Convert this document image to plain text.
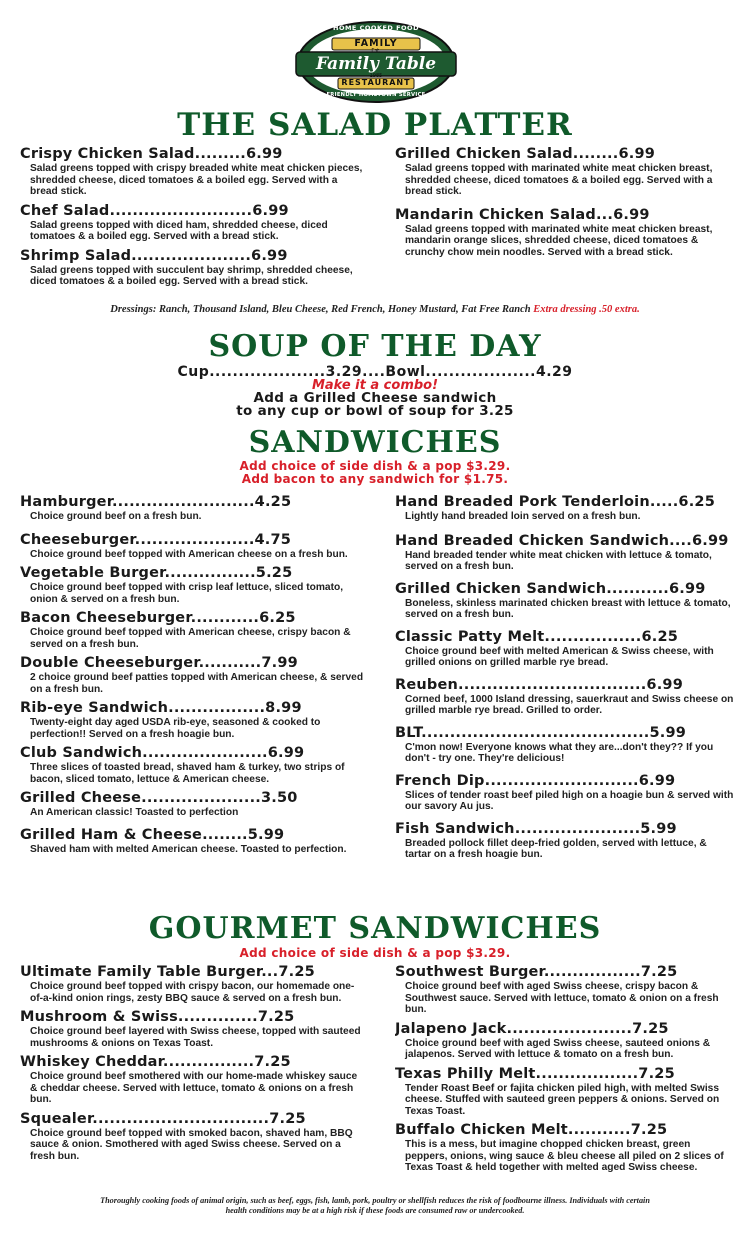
HOME COOKED FOOD
FAMILY
Est.
Family Table
1985
RESTAURANT
FRIENDLY HOMETOWN SERVICE
THE SALAD PLATTER
Crispy Chicken Salad.........6.99
Salad greens topped with crispy breaded white meat chicken pieces, shredded cheese, diced tomatoes & a boiled egg. Served with a bread stick.
Chef Salad.........................6.99
Salad greens topped with diced ham, shredded cheese, diced tomatoes & a boiled egg. Served with a bread stick.
Shrimp Salad.....................6.99
Salad greens topped with succulent bay shrimp, shredded cheese, diced tomatoes & a boiled egg. Served with a bread stick.
Grilled Chicken Salad........6.99
Salad greens topped with marinated white meat chicken breast, shredded cheese, diced tomatoes & a boiled egg. Served with a bread stick.
Mandarin Chicken Salad...6.99
Salad greens topped with marinated white meat chicken breast, mandarin orange slices, shredded cheese, diced tomatoes & crunchy chow mein noodles. Served with a bread stick.
Dressings: Ranch, Thousand Island, Bleu Cheese, Red French, Honey Mustard, Fat Free Ranch Extra dressing .50 extra.
SOUP OF THE DAY
Cup....................3.29....Bowl...................4.29
Make it a combo!
Add a Grilled Cheese sandwich
to any cup or bowl of soup for 3.25
SANDWICHES
Add choice of side dish & a pop $3.29.
Add bacon to any sandwich for $1.75.
Hamburger.........................4.25
Choice ground beef on a fresh bun.
Cheeseburger.....................4.75
Choice ground beef topped with American cheese on a fresh bun.
Vegetable Burger................5.25
Choice ground beef topped with crisp leaf lettuce, sliced tomato, onion & served on a fresh bun.
Bacon Cheeseburger............6.25
Choice ground beef topped with American cheese, crispy bacon & served on a fresh bun.
Double Cheeseburger...........7.99
2 choice ground beef patties topped with American cheese, & served on a fresh bun.
Rib-eye Sandwich.................8.99
Twenty-eight day aged USDA rib-eye, seasoned & cooked to perfection!! Served on a fresh hoagie bun.
Club Sandwich......................6.99
Three slices of toasted bread, shaved ham & turkey, two strips of bacon, sliced tomato, lettuce & American cheese.
Grilled Cheese.....................3.50
An American classic! Toasted to perfection
Grilled Ham & Cheese........5.99
Shaved ham with melted American cheese. Toasted to perfection.
Hand Breaded Pork Tenderloin.....6.25
Lightly hand breaded loin served on a fresh bun.
Hand Breaded Chicken Sandwich....6.99
Hand breaded tender white meat chicken with lettuce & tomato, served on a fresh bun.
Grilled Chicken Sandwich...........6.99
Boneless, skinless marinated chicken breast with lettuce & tomato, served on a fresh bun.
Classic Patty Melt.................6.25
Choice ground beef with melted American & Swiss cheese, with grilled onions on grilled marble rye bread.
Reuben.................................6.99
Corned beef, 1000 Island dressing, sauerkraut and Swiss cheese on grilled marble rye bread. Grilled to order.
BLT........................................5.99
C'mon now! Everyone knows what they are...don't they?? If you don't - try one. They're delicious!
French Dip...........................6.99
Slices of tender roast beef piled high on a hoagie bun & served with our savory Au jus.
Fish Sandwich......................5.99
Breaded pollock fillet deep-fried golden, served with lettuce, & tartar on a fresh hoagie bun.
GOURMET SANDWICHES
Add choice of side dish & a pop $3.29.
Ultimate Family Table Burger...7.25
Choice ground beef topped with crispy bacon, our homemade one-of-a-kind onion rings, zesty BBQ sauce & served on a fresh bun.
Mushroom & Swiss..............7.25
Choice ground beef layered with Swiss cheese, topped with sauteed mushrooms & onions on Texas Toast.
Whiskey Cheddar................7.25
Choice ground beef smothered with our home-made whiskey sauce & cheddar cheese. Served with lettuce, tomato & onions on a fresh bun.
Squealer...............................7.25
Choice ground beef topped with smoked bacon, shaved ham, BBQ sauce & onion. Smothered with aged Swiss cheese. Served on a fresh bun.
Southwest Burger.................7.25
Choice ground beef with aged Swiss cheese, crispy bacon & Southwest sauce. Served with lettuce, tomato & onion on a fresh bun.
Jalapeno Jack......................7.25
Choice ground beef with aged Swiss cheese, sauteed onions & jalapenos. Served with lettuce & tomato on a fresh bun.
Texas Philly Melt..................7.25
Tender Roast Beef or fajita chicken piled high, with melted Swiss cheese. Stuffed with sauteed green peppers & onions. Served on Texas Toast.
Buffalo Chicken Melt...........7.25
This is a mess, but imagine chopped chicken breast, green peppers, onions, wing sauce & bleu cheese all piled on 2 slices of Texas Toast & held together with melted aged Swiss cheese.
Thoroughly cooking foods of animal origin, such as beef, eggs, fish, lamb, pork, poultry or shellfish reduces the risk of foodbourne illness. Individuals with certain health conditions may be at a high risk if these foods are consumed raw or undercooked.
